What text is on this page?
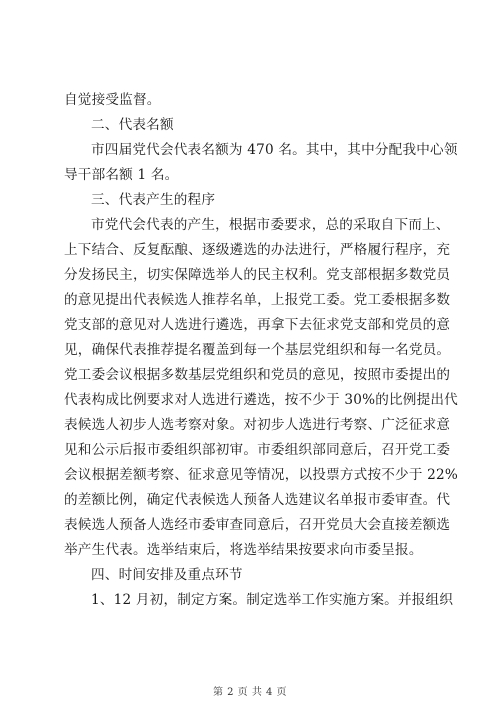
自觉接受监督。
二、代表名额
市四届党代会代表名额为 470 名。其中，其中分配我中心领
导干部名额 1 名。
三、代表产生的程序
市党代会代表的产生，根据市委要求，总的采取自下而上、
上下结合、反复酝酿、逐级遴选的办法进行，严格履行程序，充
分发扬民主，切实保障选举人的民主权利。党支部根据多数党员
的意见提出代表候选人推荐名单，上报党工委。党工委根据多数
党支部的意见对人选进行遴选，再拿下去征求党支部和党员的意
见，确保代表推荐提名覆盖到每一个基层党组织和每一名党员。
党工委会议根据多数基层党组织和党员的意见，按照市委提出的
代表构成比例要求对人选进行遴选，按不少于 30%的比例提出代
表候选人初步人选考察对象。对初步人选进行考察、广泛征求意
见和公示后报市委组织部初审。市委组织部同意后，召开党工委
会议根据差额考察、征求意见等情况，以投票方式按不少于 22%
的差额比例，确定代表候选人预备人选建议名单报市委审查。代
表候选人预备人选经市委审查同意后，召开党员大会直接差额选
举产生代表。选举结束后，将选举结果按要求向市委呈报。
四、时间安排及重点环节
1、12 月初，制定方案。制定选举工作实施方案。并报组织
第 2 页 共 4 页
